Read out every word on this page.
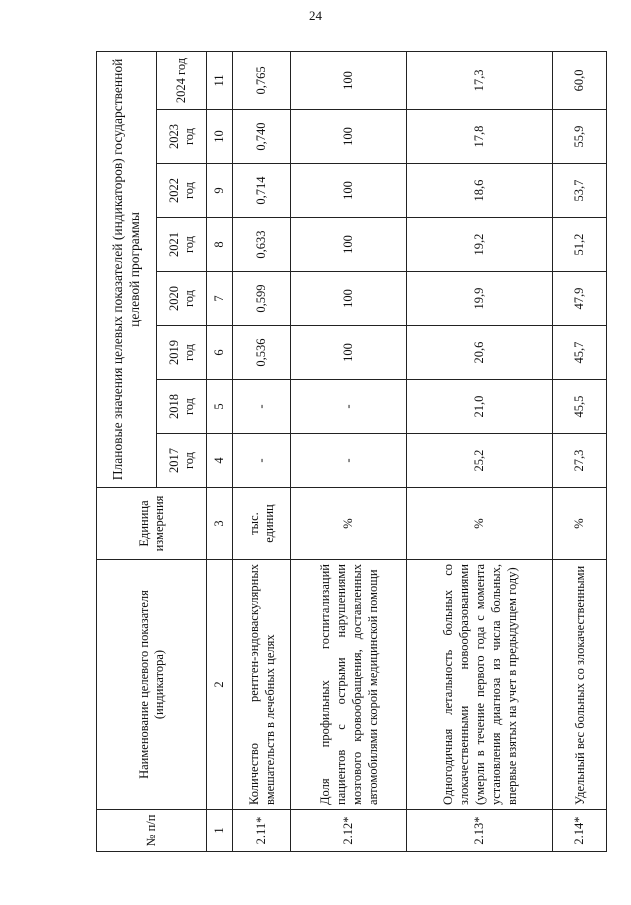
24
№ п/п	Наименование целевого показателя (индикатора)	Единица измерения	Плановые значения целевых показателей (индикаторов) государственной целевой программы							
			2017 год	2018 год	2019 год	2020 год	2021 год	2022 год	2023 год	2024 год
1	2	3	4	5	6	7	8	9	10	11
2.11*	Количество рентген-эндоваскулярных вмешательств в лечебных целях	тыс. единиц	-	-	0,536	0,599	0,633	0,714	0,740	0,765
2.12*	Доля профильных госпитализаций пациентов с острыми нарушениями мозгового кровообращения, доставленных автомобилями скорой медицинской помощи	%	-	-	100	100	100	100	100	100
2.13*	Одногодичная летальность больных со злокачественными новообразованиями (умерли в течение первого года с момента установления диагноза из числа больных, впервые взятых на учет в предыдущем году)	%	25,2	21,0	20,6	19,9	19,2	18,6	17,8	17,3
2.14*	Удельный вес больных со злокачественными	%	27,3	45,5	45,7	47,9	51,2	53,7	55,9	60,0
